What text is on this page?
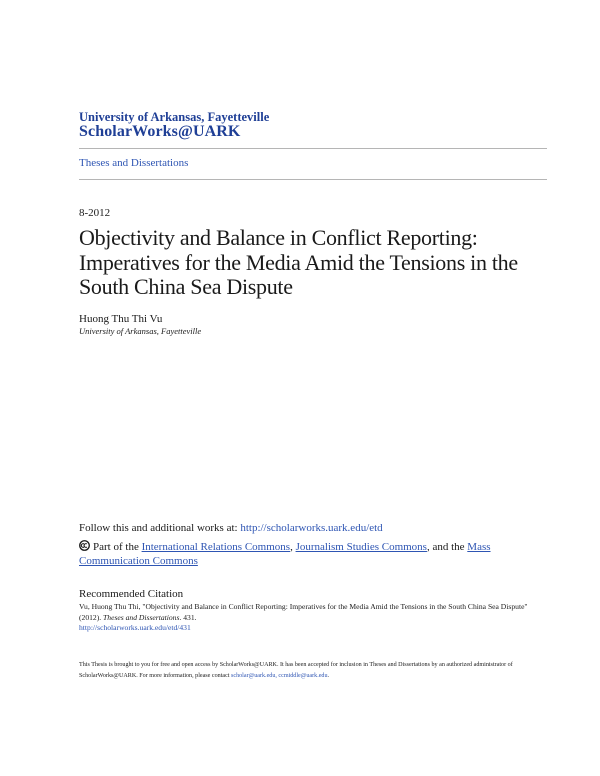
University of Arkansas, Fayetteville
ScholarWorks@UARK
Theses and Dissertations
8-2012
Objectivity and Balance in Conflict Reporting: Imperatives for the Media Amid the Tensions in the South China Sea Dispute
Huong Thu Thi Vu
University of Arkansas, Fayetteville
Follow this and additional works at: http://scholarworks.uark.edu/etd
Part of the International Relations Commons, Journalism Studies Commons, and the Mass Communication Commons
Recommended Citation
Vu, Huong Thu Thi, "Objectivity and Balance in Conflict Reporting: Imperatives for the Media Amid the Tensions in the South China Sea Dispute" (2012). Theses and Dissertations. 431.
http://scholarworks.uark.edu/etd/431
This Thesis is brought to you for free and open access by ScholarWorks@UARK. It has been accepted for inclusion in Theses and Dissertations by an authorized administrator of ScholarWorks@UARK. For more information, please contact scholar@uark.edu, ccmiddle@uark.edu.
